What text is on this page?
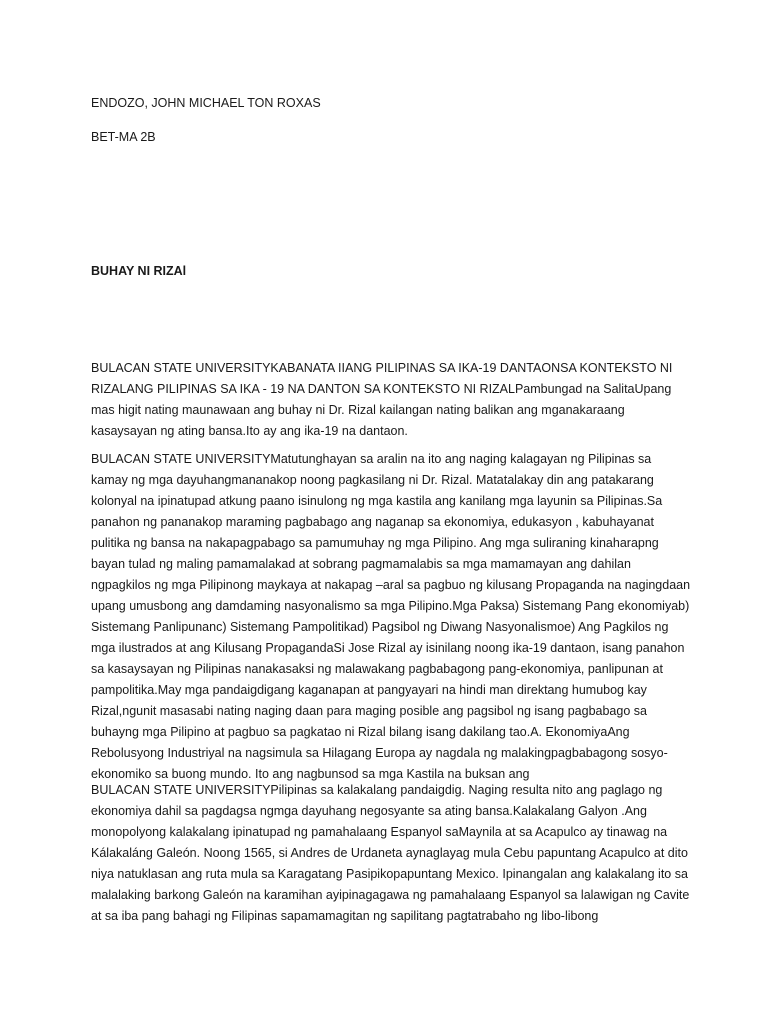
ENDOZO, JOHN MICHAEL TON ROXAS
BET-MA 2B
BUHAY NI RIZAl
BULACAN STATE UNIVERSITYKABANATA IIANG PILIPINAS SA IKA-19 DANTAONSA KONTEKSTO NI RIZALANG PILIPINAS SA IKA - 19 NA DANTON SA KONTEKSTO NI RIZALPambungad na SalitaUpang mas higit nating maunawaan ang buhay ni Dr. Rizal kailangan nating balikan ang mganakaraang kasaysayan ng ating bansa.Ito ay ang ika-19 na dantaon.
BULACAN STATE UNIVERSITYMatutunghayan sa aralin na ito ang naging kalagayan ng Pilipinas sa kamay ng mga dayuhangmananakop noong pagkasilang ni Dr. Rizal. Matatalakay din ang patakarang kolonyal na ipinatupad atkung paano isinulong ng mga kastila ang kanilang mga layunin sa Pilipinas.Sa panahon ng pananakop maraming pagbabago ang naganap sa ekonomiya, edukasyon , kabuhayanat pulitika ng bansa na nakapagpabago sa pamumuhay ng mga Pilipino. Ang mga suliraning kinaharapng bayan tulad ng maling pamamalakad at sobrang pagmamalabis sa mga mamamayan ang dahilan ngpagkilos ng mga Pilipinong maykaya at nakapag –aral sa pagbuo ng kilusang Propaganda na nagingdaan upang umusbong ang damdaming nasyonalismo sa mga Pilipino.Mga Paksa) Sistemang Pang ekonomiyab) Sistemang Panlipunanc) Sistemang Pampolitikad) Pagsibol ng Diwang Nasyonalismoe) Ang Pagkilos ng mga ilustrados at ang Kilusang PropagandaSi Jose Rizal ay isinilang noong ika-19 dantaon, isang panahon sa kasaysayan ng Pilipinas nanakasaksi ng malawakang pagbabagong pang-ekonomiya, panlipunan at pampolitika.May mga pandaigdigang kaganapan at pangyayari na hindi man direktang humubog kay Rizal,ngunit masasabi nating naging daan para maging posible ang pagsibol ng isang pagbabago sa buhayng mga Pilipino at pagbuo sa pagkatao ni Rizal bilang isang dakilang tao.A. EkonomiyaAng Rebolusyong Industriyal na nagsimula sa Hilagang Europa ay nagdala ng malakingpagbabagong sosyo-ekonomiko sa buong mundo. Ito ang nagbunsod sa mga Kastila na buksan ang
BULACAN STATE UNIVERSITYPilipinas sa kalakalang pandaigdig. Naging resulta nito ang paglago ng ekonomiya dahil sa pagdagsa ngmga dayuhang negosyante sa ating bansa.Kalakalang Galyon .Ang monopolyong kalakalang ipinatupad ng pamahalaang Espanyol saMaynila at sa Acapulco ay tinawag na Kálakaláng Galeón. Noong 1565, si Andres de Urdaneta aynaglayag mula Cebu papuntang Acapulco at dito niya natuklasan ang ruta mula sa Karagatang Pasipikopapuntang Mexico. Ipinangalan ang kalakalang ito sa malalaking barkong Galeón na karamihan ayipinagagawa ng pamahalaang Espanyol sa lalawigan ng Cavite at sa iba pang bahagi ng Filipinas sapamamagitan ng sapilitang pagtatrabaho ng libo-libong
